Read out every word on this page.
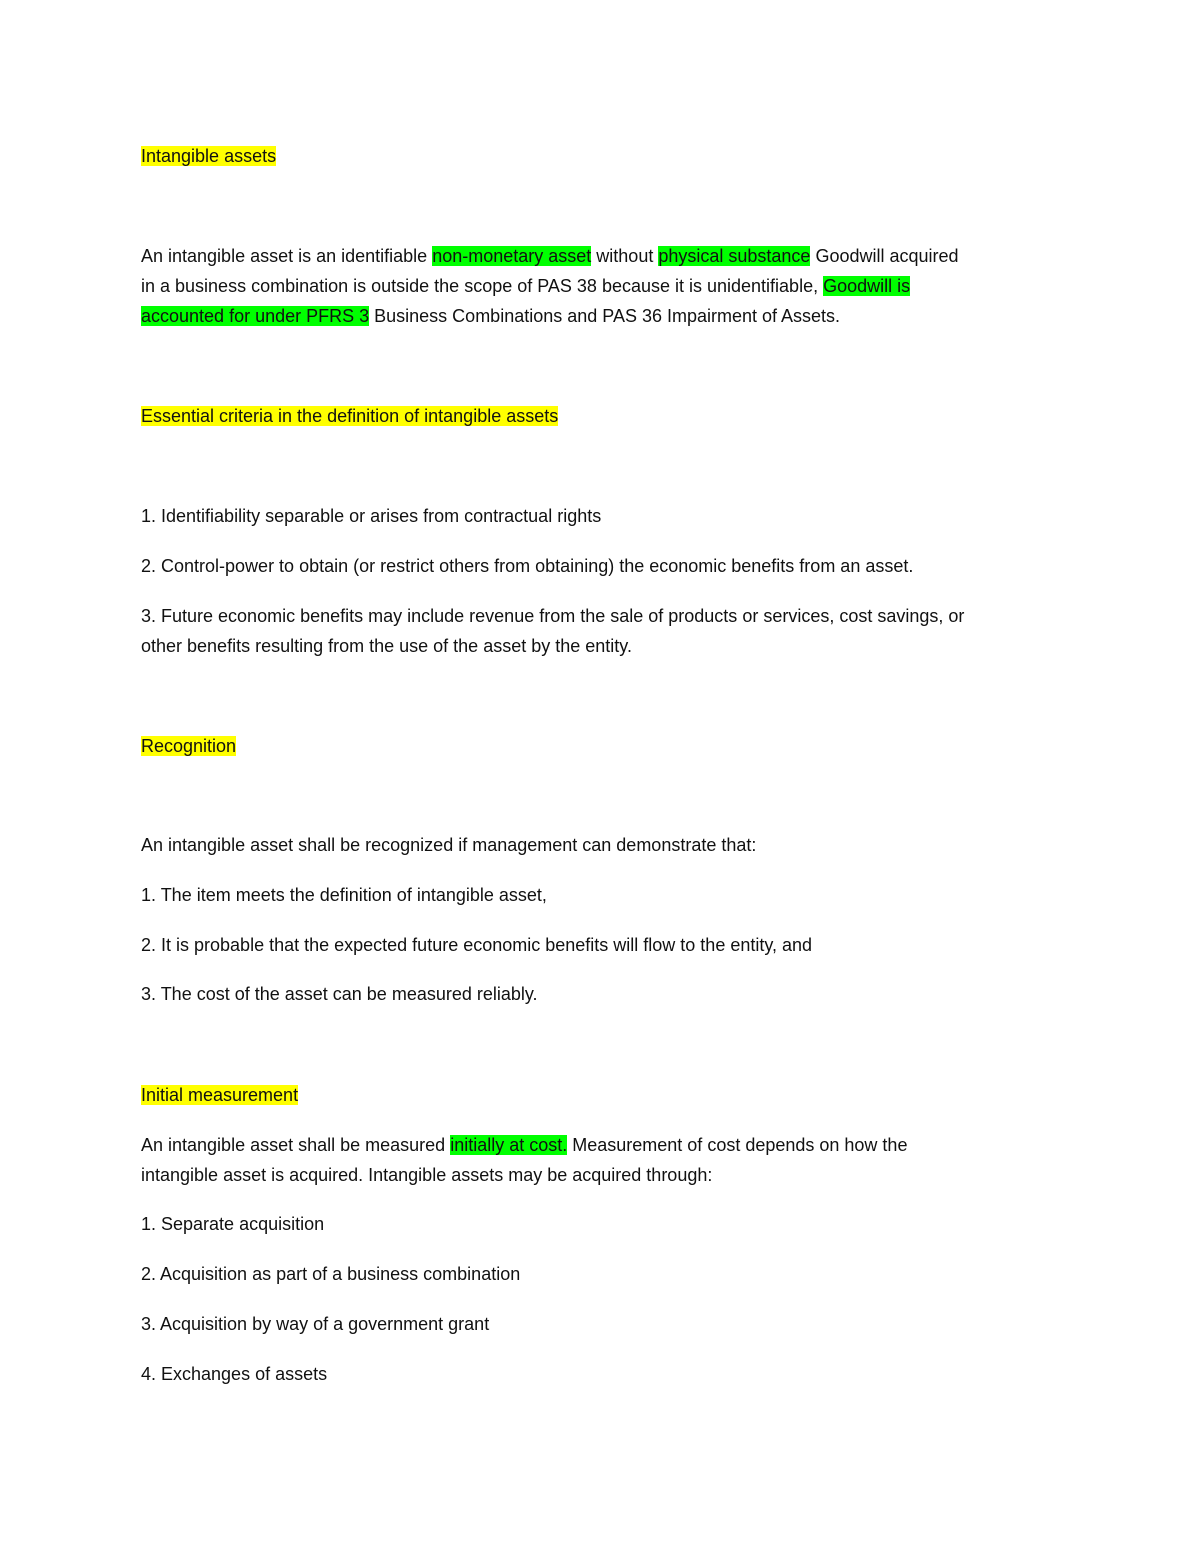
Intangible assets
An intangible asset is an identifiable non-monetary asset without physical substance Goodwill acquired
in a business combination is outside the scope of PAS 38 because it is unidentifiable, Goodwill is
accounted for under PFRS 3 Business Combinations and PAS 36 Impairment of Assets.
Essential criteria in the definition of intangible assets
1. Identifiability separable or arises from contractual rights
2. Control-power to obtain (or restrict others from obtaining) the economic benefits from an asset.
3. Future economic benefits may include revenue from the sale of products or services, cost savings, or
other benefits resulting from the use of the asset by the entity.
Recognition
An intangible asset shall be recognized if management can demonstrate that:
1. The item meets the definition of intangible asset,
2. It is probable that the expected future economic benefits will flow to the entity, and
3. The cost of the asset can be measured reliably.
Initial measurement
An intangible asset shall be measured initially at cost. Measurement of cost depends on how the
intangible asset is acquired. Intangible assets may be acquired through:
1. Separate acquisition
2. Acquisition as part of a business combination
3. Acquisition by way of a government grant
4. Exchanges of assets
